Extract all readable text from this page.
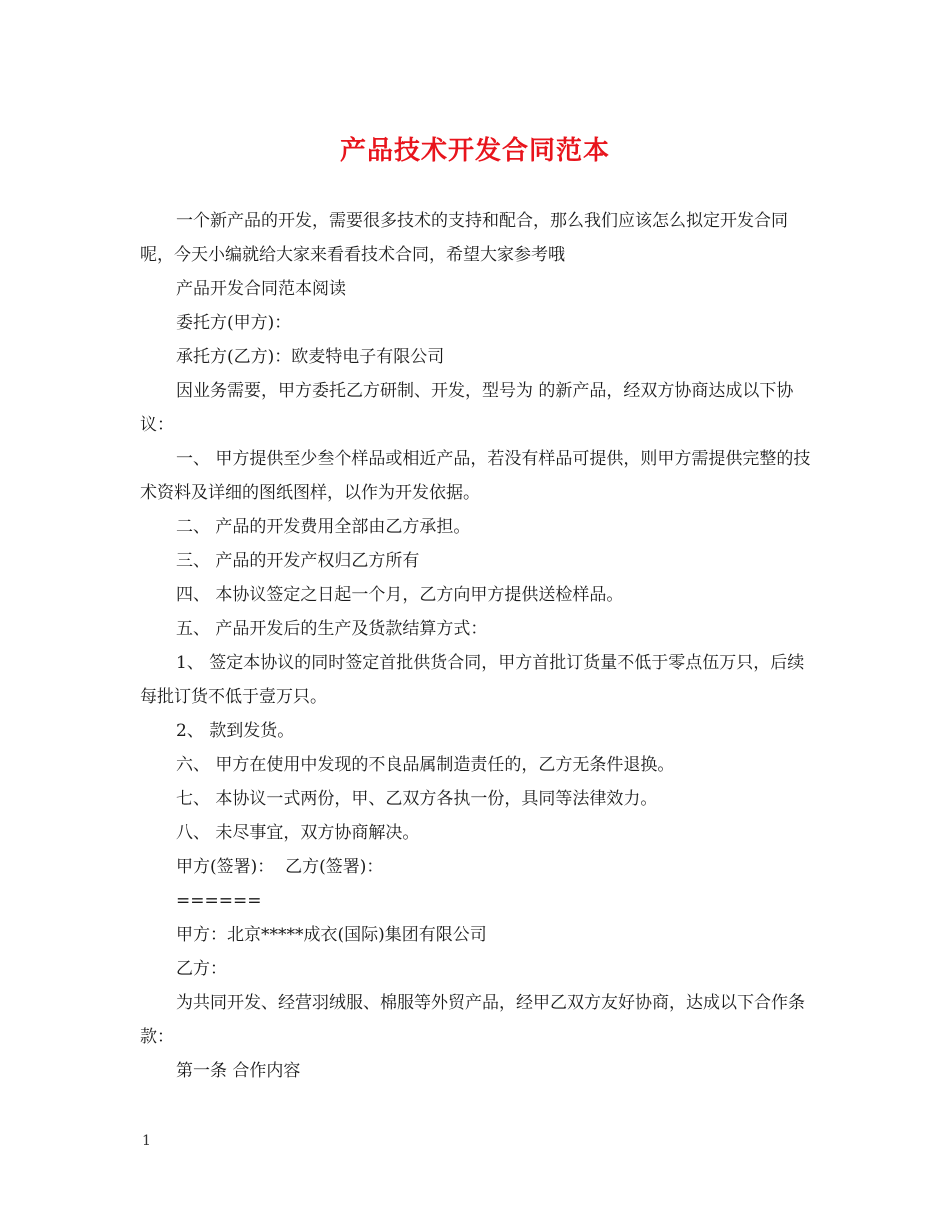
产品技术开发合同范本

一个新产品的开发，需要很多技术的支持和配合，那么我们应该怎么拟定开发合同呢，今天小编就给大家来看看技术合同，希望大家参考哦

产品开发合同范本阅读

委托方(甲方)：

承托方(乙方)：欧麦特电子有限公司

因业务需要，甲方委托乙方研制、开发，型号为 的新产品，经双方协商达成以下协议：

一、 甲方提供至少叁个样品或相近产品，若没有样品可提供，则甲方需提供完整的技术资料及详细的图纸图样，以作为开发依据。

二、 产品的开发费用全部由乙方承担。

三、 产品的开发产权归乙方所有

四、 本协议签定之日起一个月，乙方向甲方提供送检样品。

五、 产品开发后的生产及货款结算方式：

1、 签定本协议的同时签定首批供货合同，甲方首批订货量不低于零点伍万只，后续每批订货不低于壹万只。

2、 款到发货。

六、 甲方在使用中发现的不良品属制造责任的，乙方无条件退换。

七、 本协议一式两份，甲、乙双方各执一份，具同等法律效力。

八、 未尽事宜，双方协商解决。

甲方(签署)：  乙方(签署)：

======

甲方：北京*****成衣(国际)集团有限公司

乙方：

为共同开发、经营羽绒服、棉服等外贸产品，经甲乙双方友好协商，达成以下合作条款：

第一条 合作内容

1
